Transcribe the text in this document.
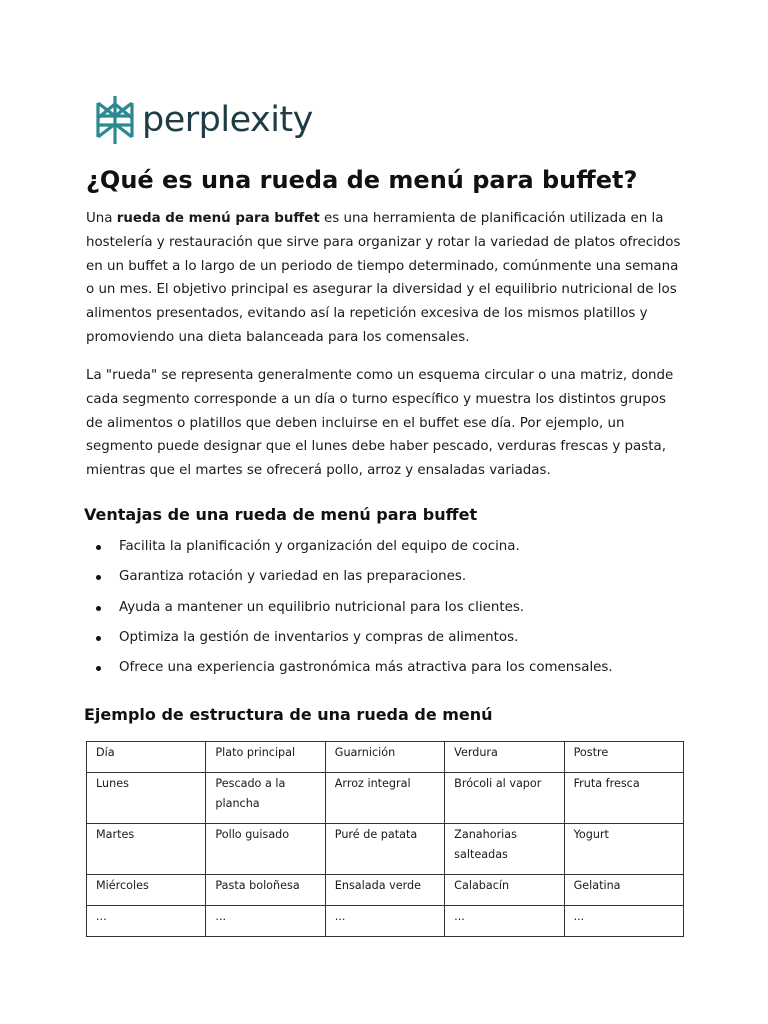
perplexity
¿Qué es una rueda de menú para buffet?

Una rueda de menú para buffet es una herramienta de planificación utilizada en la hostelería y restauración que sirve para organizar y rotar la variedad de platos ofrecidos en un buffet a lo largo de un periodo de tiempo determinado, comúnmente una semana o un mes. El objetivo principal es asegurar la diversidad y el equilibrio nutricional de los alimentos presentados, evitando así la repetición excesiva de los mismos platillos y promoviendo una dieta balanceada para los comensales.

La "rueda" se representa generalmente como un esquema circular o una matriz, donde cada segmento corresponde a un día o turno específico y muestra los distintos grupos de alimentos o platillos que deben incluirse en el buffet ese día. Por ejemplo, un segmento puede designar que el lunes debe haber pescado, verduras frescas y pasta, mientras que el martes se ofrecerá pollo, arroz y ensaladas variadas.

Ventajas de una rueda de menú para buffet
Facilita la planificación y organización del equipo de cocina.
Garantiza rotación y variedad en las preparaciones.
Ayuda a mantener un equilibrio nutricional para los clientes.
Optimiza la gestión de inventarios y compras de alimentos.
Ofrece una experiencia gastronómica más atractiva para los comensales.
Ejemplo de estructura de una rueda de menú
Día	Plato principal	Guarnición	Verdura	Postre
Lunes	Pescado a la plancha	Arroz integral	Brócoli al vapor	Fruta fresca
Martes	Pollo guisado	Puré de patata	Zanahorias salteadas	Yogurt
Miércoles	Pasta boloñesa	Ensalada verde	Calabacín	Gelatina
...	...	...	...	...
